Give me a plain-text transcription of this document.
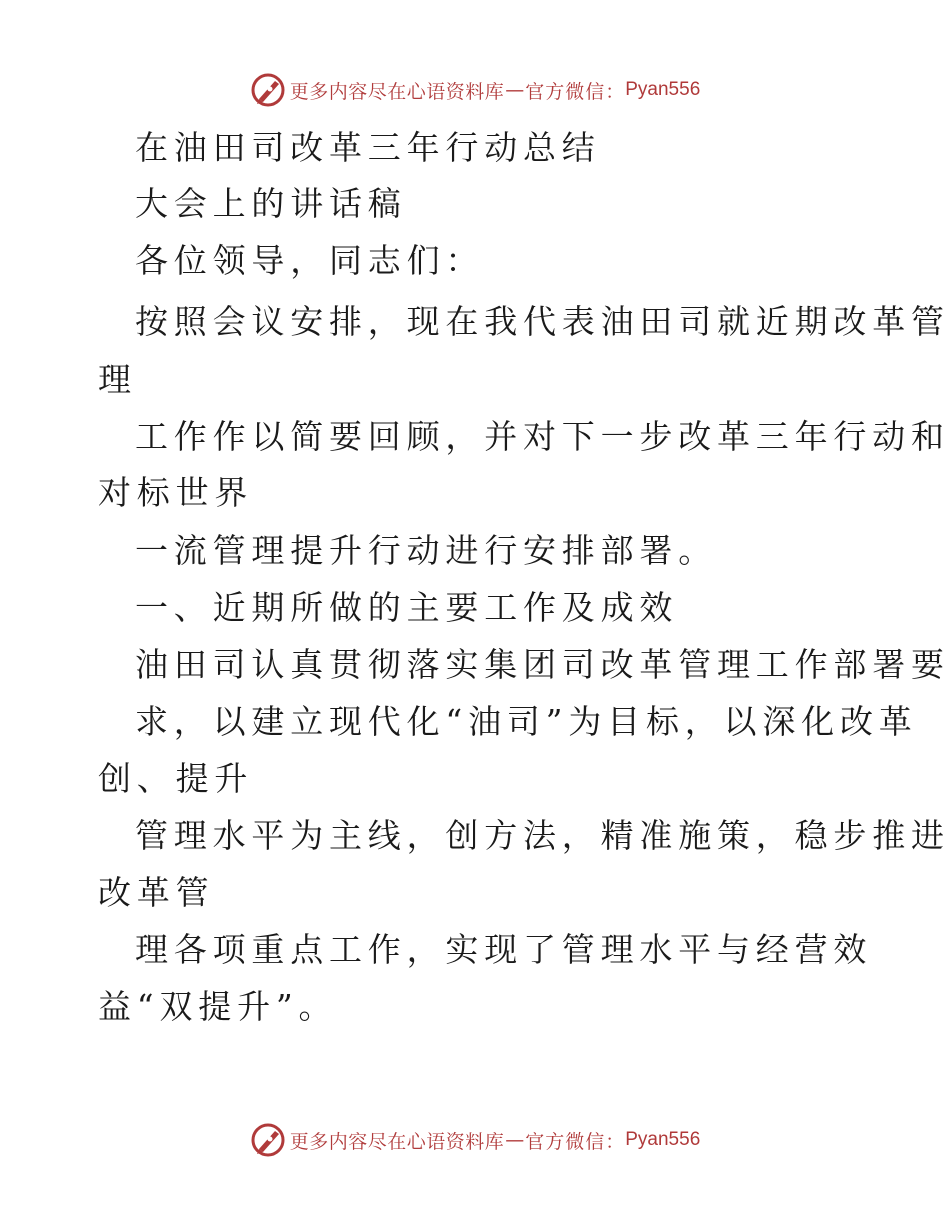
更多内容尽在心语资料库 — 官方微信： Pyan556
在油田司改革三年行动总结
大会上的讲话稿
各位领导，同志们：
按照会议安排，现在我代表油田司就近期改革管
理
工作作以简要回顾，并对下一步改革三年行动和
对标世界
一流管理提升行动进行安排部署。
一、近期所做的主要工作及成效
油田司认真贯彻落实集团司改革管理工作部署要
求，以建立现代化“油司”为目标，以深化改革
创、提升
管理水平为主线，创方法，精准施策，稳步推进
改革管
理各项重点工作，实现了管理水平与经营效
益“双提升”。
更多内容尽在心语资料库 — 官方微信： Pyan556
